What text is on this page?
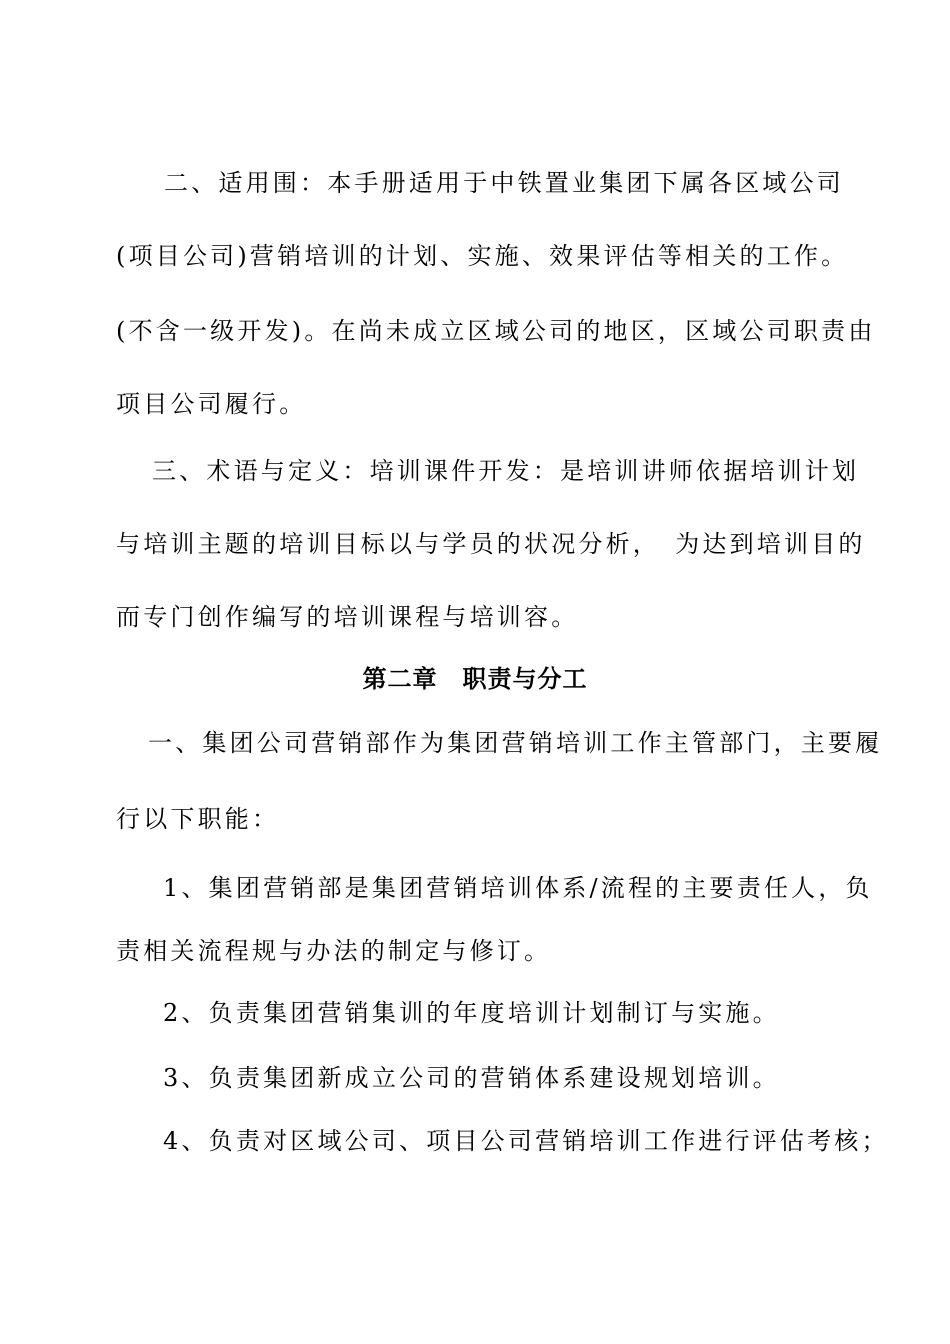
二、适用围：本手册适用于中铁置业集团下属各区域公司
(项目公司)营销培训的计划、实施、效果评估等相关的工作。
(不含一级开发)。在尚未成立区域公司的地区，区域公司职责由
项目公司履行。
三、术语与定义：培训课件开发：是培训讲师依据培训计划
与培训主题的培训目标以与学员的状况分析，　为达到培训目的
而专门创作编写的培训课程与培训容。
第二章　职责与分工
一、集团公司营销部作为集团营销培训工作主管部门，主要履
行以下职能：
1、集团营销部是集团营销培训体系/流程的主要责任人，负
责相关流程规与办法的制定与修订。
2、负责集团营销集训的年度培训计划制订与实施。
3、负责集团新成立公司的营销体系建设规划培训。
4、负责对区域公司、项目公司营销培训工作进行评估考核；
